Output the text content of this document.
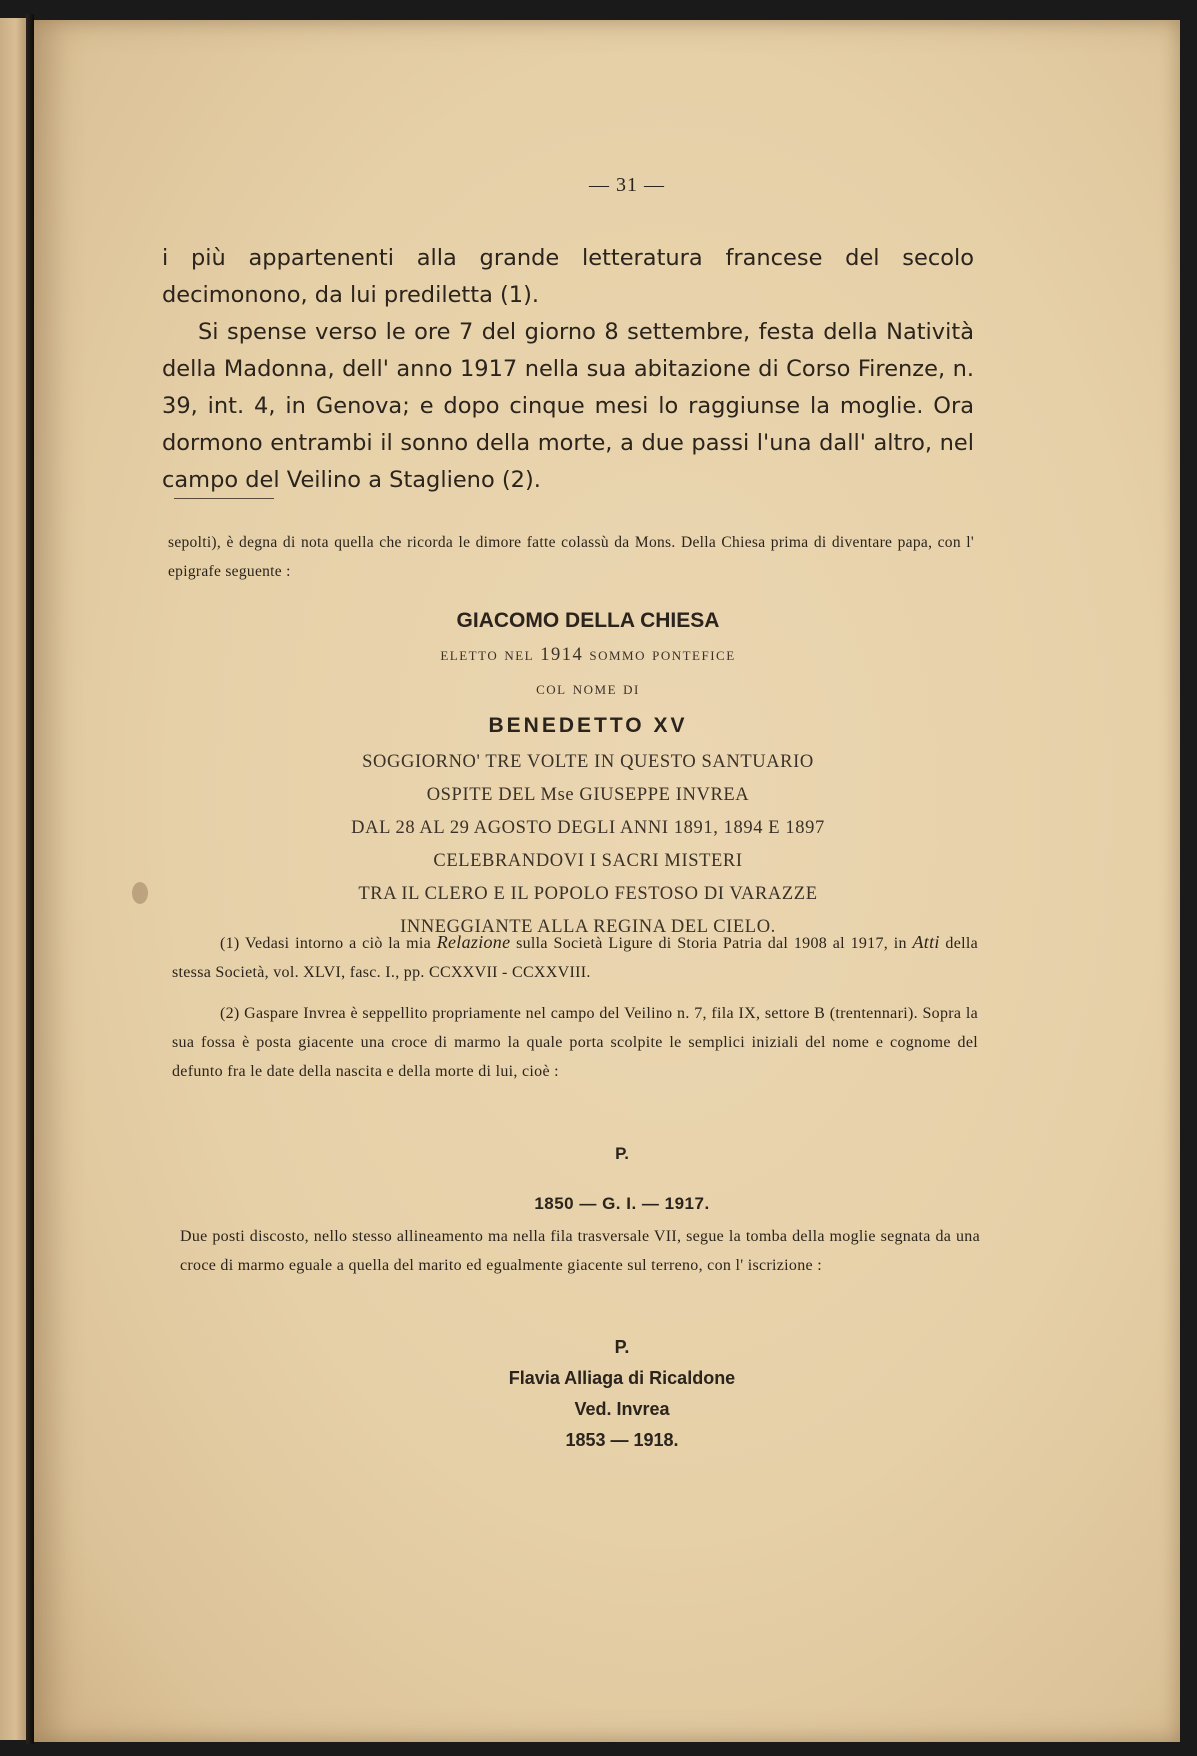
— 31 —

i più appartenenti alla grande letteratura francese del secolo decimonono, da lui prediletta (1).

Si spense verso le ore 7 del giorno 8 settembre, festa della Natività della Madonna, dell' anno 1917 nella sua abitazione di Corso Firenze, n. 39, int. 4, in Genova; e dopo cinque mesi lo raggiunse la moglie. Ora dormono entrambi il sonno della morte, a due passi l'una dall' altro, nel campo del Veilino a Staglieno (2).

sepolti), è degna di nota quella che ricorda le dimore fatte colassù da Mons. Della Chiesa prima di diventare papa, con l' epigrafe seguente :

GIACOMO DELLA CHIESA
eletto nel 1914 sommo pontefice
col nome di
BENEDETTO XV
SOGGIORNO' TRE VOLTE IN QUESTO SANTUARIO
OSPITE DEL Mse GIUSEPPE INVREA
DAL 28 AL 29 AGOSTO DEGLI ANNI 1891, 1894 E 1897
CELEBRANDOVI I SACRI MISTERI
TRA IL CLERO E IL POPOLO FESTOSO DI VARAZZE
INNEGGIANTE ALLA REGINA DEL CIELO.

(1) Vedasi intorno a ciò la mia Relazione sulla Società Ligure di Storia Patria dal 1908 al 1917, in Atti della stessa Società, vol. XLVI, fasc. I., pp. CCXXVII - CCXXVIII.

(2) Gaspare Invrea è seppellito propriamente nel campo del Veilino n. 7, fila IX, settore B (trentennari). Sopra la sua fossa è posta giacente una croce di marmo la quale porta scolpite le semplici iniziali del nome e cognome del defunto fra le date della nascita e della morte di lui, cioè :

P.
1850 — G. I. — 1917.

Due posti discosto, nello stesso allineamento ma nella fila trasversale VII, segue la tomba della moglie segnata da una croce di marmo eguale a quella del marito ed egualmente giacente sul terreno, con l' iscrizione :

P.
Flavia Alliaga di Ricaldone
Ved. Invrea
1853 — 1918.
